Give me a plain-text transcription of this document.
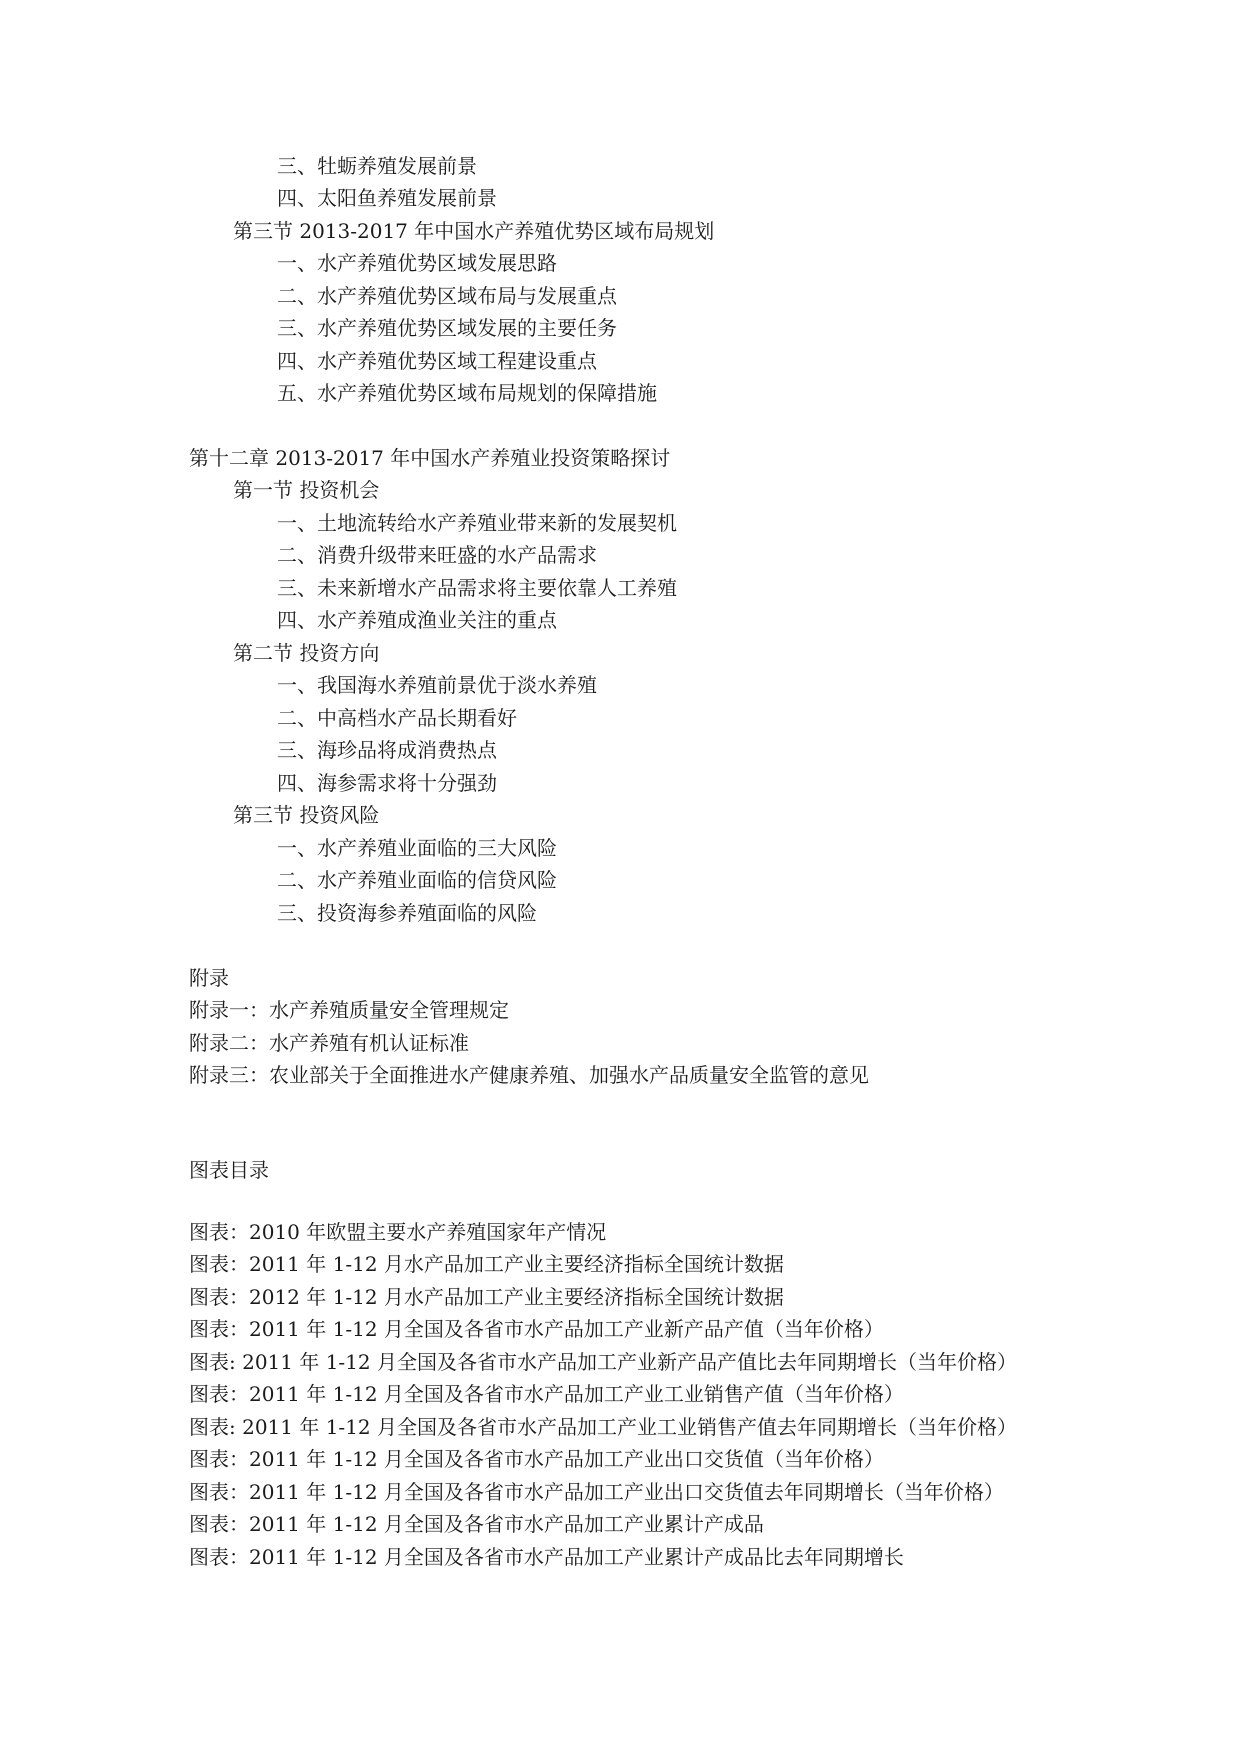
三、牡蛎养殖发展前景
四、太阳鱼养殖发展前景
第三节 2013-2017 年中国水产养殖优势区域布局规划
一、水产养殖优势区域发展思路
二、水产养殖优势区域布局与发展重点
三、水产养殖优势区域发展的主要任务
四、水产养殖优势区域工程建设重点
五、水产养殖优势区域布局规划的保障措施
第十二章 2013-2017 年中国水产养殖业投资策略探讨
第一节 投资机会
一、土地流转给水产养殖业带来新的发展契机
二、消费升级带来旺盛的水产品需求
三、未来新增水产品需求将主要依靠人工养殖
四、水产养殖成渔业关注的重点
第二节 投资方向
一、我国海水养殖前景优于淡水养殖
二、中高档水产品长期看好
三、海珍品将成消费热点
四、海参需求将十分强劲
第三节 投资风险
一、水产养殖业面临的三大风险
二、水产养殖业面临的信贷风险
三、投资海参养殖面临的风险
附录
附录一：水产养殖质量安全管理规定
附录二：水产养殖有机认证标准
附录三：农业部关于全面推进水产健康养殖、加强水产品质量安全监管的意见
图表目录
图表：2010 年欧盟主要水产养殖国家年产情况
图表：2011 年 1-12 月水产品加工产业主要经济指标全国统计数据
图表：2012 年 1-12 月水产品加工产业主要经济指标全国统计数据
图表：2011 年 1-12 月全国及各省市水产品加工产业新产品产值（当年价格）
图表: 2011 年 1-12 月全国及各省市水产品加工产业新产品产值比去年同期增长（当年价格）
图表：2011 年 1-12 月全国及各省市水产品加工产业工业销售产值（当年价格）
图表: 2011 年 1-12 月全国及各省市水产品加工产业工业销售产值去年同期增长（当年价格）
图表：2011 年 1-12 月全国及各省市水产品加工产业出口交货值（当年价格）
图表：2011 年 1-12 月全国及各省市水产品加工产业出口交货值去年同期增长（当年价格）
图表：2011 年 1-12 月全国及各省市水产品加工产业累计产成品
图表：2011 年 1-12 月全国及各省市水产品加工产业累计产成品比去年同期增长
